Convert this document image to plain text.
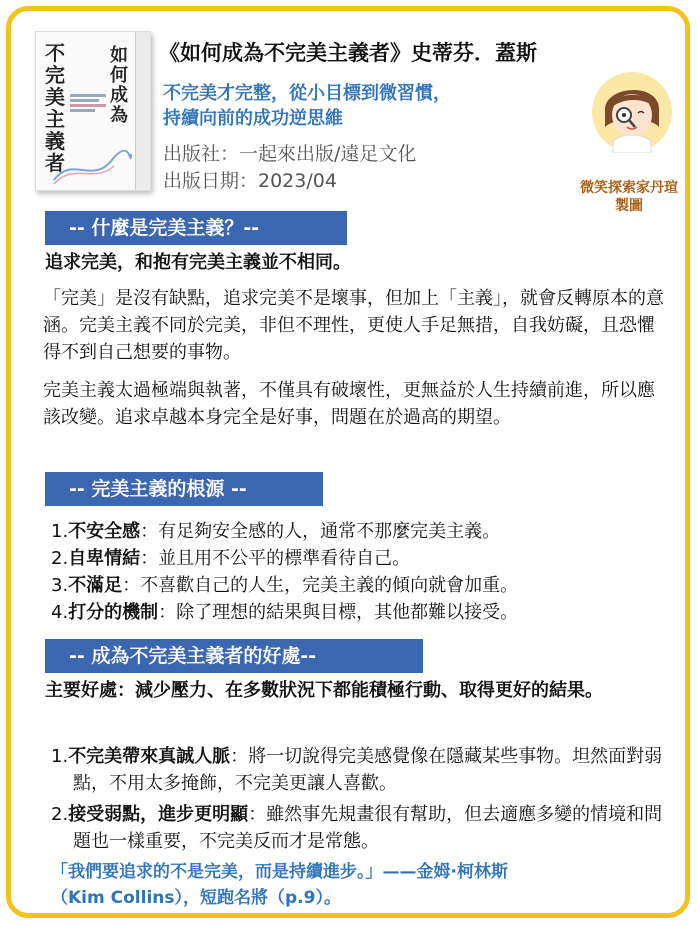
不完美主義者
如何成為
《如何成為不完美主義者》史蒂芬．蓋斯
不完美才完整，從小目標到微習慣，
持續向前的成功逆思維
出版社：一起來出版/遠足文化
出版日期：2023/04	微笑探索家丹瑄
製圖
-- 什麼是完美主義？--
追求完美，和抱有完美主義並不相同。
「完美」是沒有缺點，追求完美不是壞事，但加上「主義」，就會反轉原本的意涵。完美主義不同於完美，非但不理性，更使人手足無措，自我妨礙，且恐懼得不到自己想要的事物。
完美主義太過極端與執著，不僅具有破壞性，更無益於人生持續前進，所以應該改變。追求卓越本身完全是好事，問題在於過高的期望。
-- 完美主義的根源 --
1.不安全感：有足夠安全感的人，通常不那麼完美主義。
2.自卑情結：並且用不公平的標準看待自己。
3.不滿足：不喜歡自己的人生，完美主義的傾向就會加重。
4.打分的機制：除了理想的結果與目標，其他都難以接受。
-- 成為不完美主義者的好處--
主要好處：減少壓力、在多數狀況下都能積極行動、取得更好的結果。
1.不完美帶來真誠人脈：將一切說得完美感覺像在隱藏某些事物。坦然面對弱點，不用太多掩飾，不完美更讓人喜歡。
2.接受弱點，進步更明顯：雖然事先規畫很有幫助，但去適應多變的情境和問題也一樣重要，不完美反而才是常態。
「我們要追求的不是完美，而是持續進步。」——金姆·柯林斯
（Kim Collins），短跑名將（p.9）。
